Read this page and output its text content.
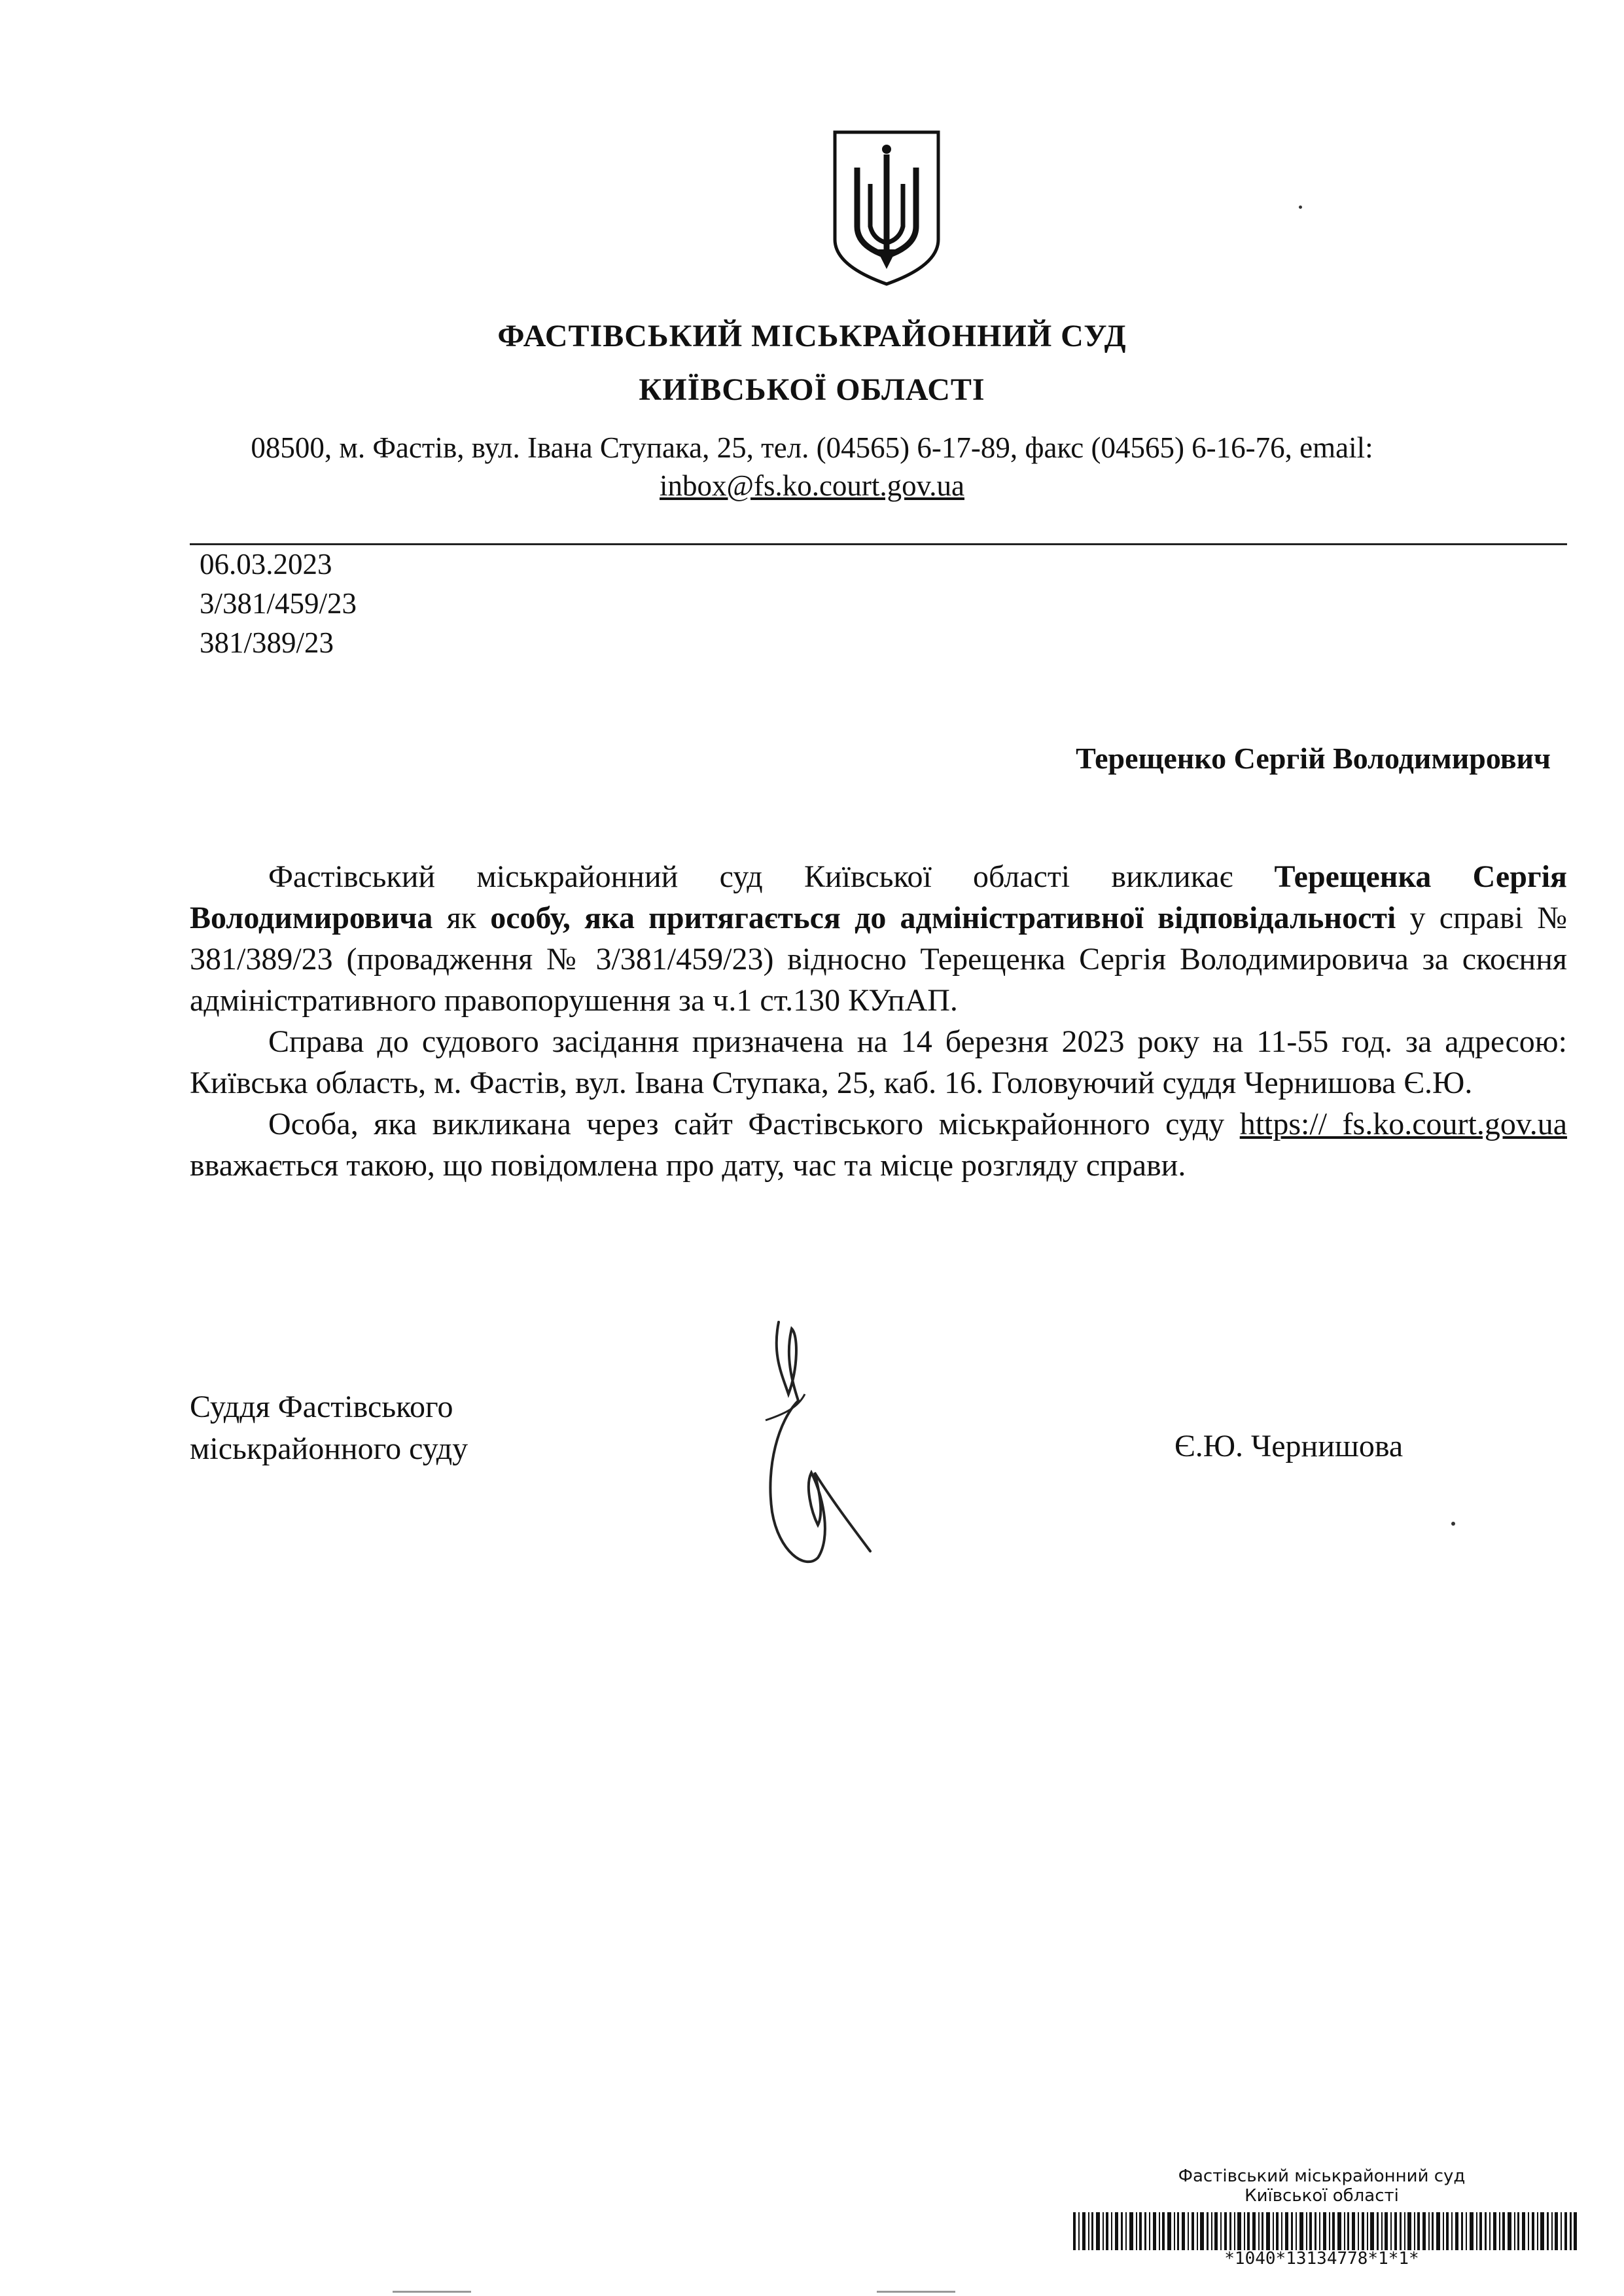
ФАСТІВСЬКИЙ МІСЬКРАЙОННИЙ СУД
КИЇВСЬКОЇ ОБЛАСТІ
08500, м. Фастів, вул. Івана Ступака, 25, тел. (04565) 6-17-89, факс (04565) 6-16-76, email:
inbox@fs.ko.court.gov.ua
06.03.2023
3/381/459/23
381/389/23
Терещенко Сергій Володимирович

Фастівський міськрайонний суд Київської області викликає Терещенка Сергія Володимировича як особу, яка притягається до адміністративної відповідальності у справі № 381/389/23 (провадження № 3/381/459/23) відносно Терещенка Сергія Володимировича за скоєння адміністративного правопорушення за ч.1 ст.130 КУпАП.

Справа до судового засідання призначена на 14 березня 2023 року на 11-55 год. за адресою: Київська область, м. Фастів, вул. Івана Ступака, 25, каб. 16. Головуючий суддя Чернишова Є.Ю.

Особа, яка викликана через сайт Фастівського міськрайонного суду https:// fs.ko.court.gov.ua вважається такою, що повідомлена про дату, час та місце розгляду справи.

Суддя Фастівського
міськрайонного суду	Є.Ю. Чернишова
Фастівський міськрайонний суд
Київської області
*1040*13134778*1*1*
